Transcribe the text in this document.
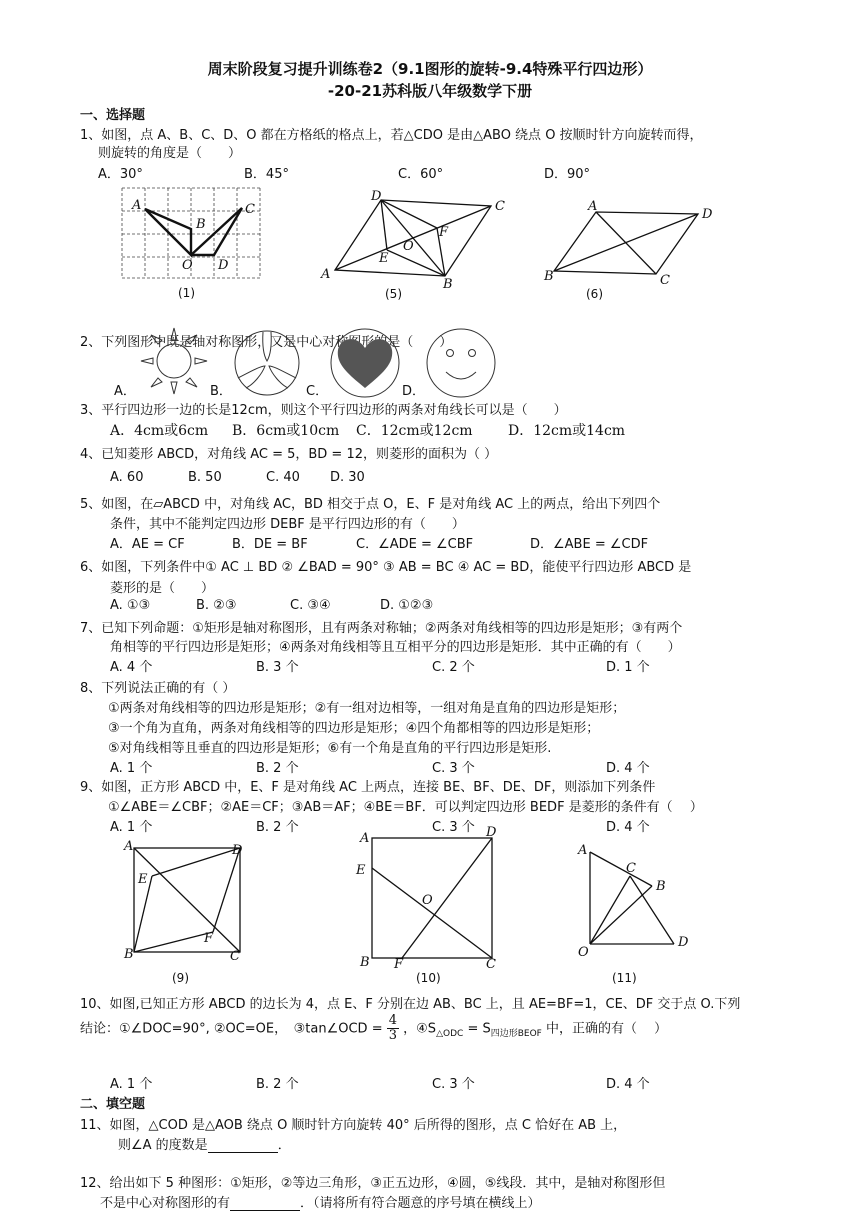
周末阶段复习提升训练卷2（9.1图形的旋转-9.4特殊平行四边形）
-20-21苏科版八年级数学下册
一、选择题
1、如图，点 A、B、C、D、O 都在方格纸的格点上，若△CDO 是由△ABO 绕点 O 按顺时针方向旋转而得，
则旋转的角度是（　　）
A．30°	B．45°	C．60°	D．90°
A
B
C
O D
(1)
D
C
F
O
E
A
B
(5)
A
D
B	C
(6)
2、下列图形中既是轴对称图形，又是中心对称图形的是（　　）
A．	B．	C．	D．
3、平行四边形一边的长是12cm，则这个平行四边形的两条对角线长可以是（　　）
A．4cm或6cm B．6cm或10cm C．12cm或12cm	D．12cm或14cm
4、已知菱形 ABCD，对角线 AC = 5，BD = 12，则菱形的面积为（ ）
A. 60	B. 50	C. 40 D. 30
5、如图，在▱ABCD 中，对角线 AC，BD 相交于点 O，E、F 是对角线 AC 上的两点，给出下列四个
条件，其中不能判定四边形 DEBF 是平行四边形的有（　　）
A．AE = CF	B．DE = BF	C．∠ADE = ∠CBF	D．∠ABE = ∠CDF
6、如图，下列条件中① AC ⊥ BD ② ∠BAD = 90° ③ AB = BC ④ AC = BD，能使平行四边形 ABCD 是
菱形的是（　　）
A. ①③	B. ②③	C. ③④	D. ①②③
7、已知下列命题：①矩形是轴对称图形，且有两条对称轴；②两条对角线相等的四边形是矩形；③有两个
角相等的平行四边形是矩形；④两条对角线相等且互相平分的四边形是矩形．其中正确的有（　　）
A. 4 个	B. 3 个	C. 2 个	D. 1 个
8、下列说法正确的有（ ）
①两条对角线相等的四边形是矩形；②有一组对边相等，一组对角是直角的四边形是矩形；
③一个角为直角，两条对角线相等的四边形是矩形；④四个角都相等的四边形是矩形；
⑤对角线相等且垂直的四边形是矩形；⑥有一个角是直角的平行四边形是矩形.
A. 1 个	B. 2 个	C. 3 个	D. 4 个
9、如图，正方形 ABCD 中，E、F 是对角线 AC 上两点，连接 BE、BF、DE、DF，则添加下列条件
①∠ABE＝∠CBF；②AE＝CF；③AB＝AF；④BE＝BF．可以判定四边形 BEDF 是菱形的条件有（　 ）
A. 1 个	B. 2 个	C. 3 个	D. 4 个
A	D
E
F
B	C
(9)
A	D
E
O
B F	C
(10)
A
C
B
O
D
(11)
10、如图,已知正方形 ABCD 的边长为 4，点 E、F 分别在边 AB、BC 上，且 AE=BF=1，CE、DF 交于点 O.下列
结论：①∠DOC=90°, ②OC=OE，　③tan∠OCD = $\frac{4}{3}$ ，$④S_{\triangle ODC} = S_{四边形BEOF}$ 中，正确的有（　 ）
A. 1 个	B. 2 个	C. 3 个	D. 4 个
二、填空题
11、如图，△COD 是△AOB 绕点 O 顺时针方向旋转 40° 后所得的图形，点 C 恰好在 AB 上，
则∠A 的度数是	．
12、给出如下 5 种图形：①矩形，②等边三角形，③正五边形，④圆，⑤线段．其中，是轴对称图形但
不是中心对称图形的有	．（请将所有符合题意的序号填在横线上）
